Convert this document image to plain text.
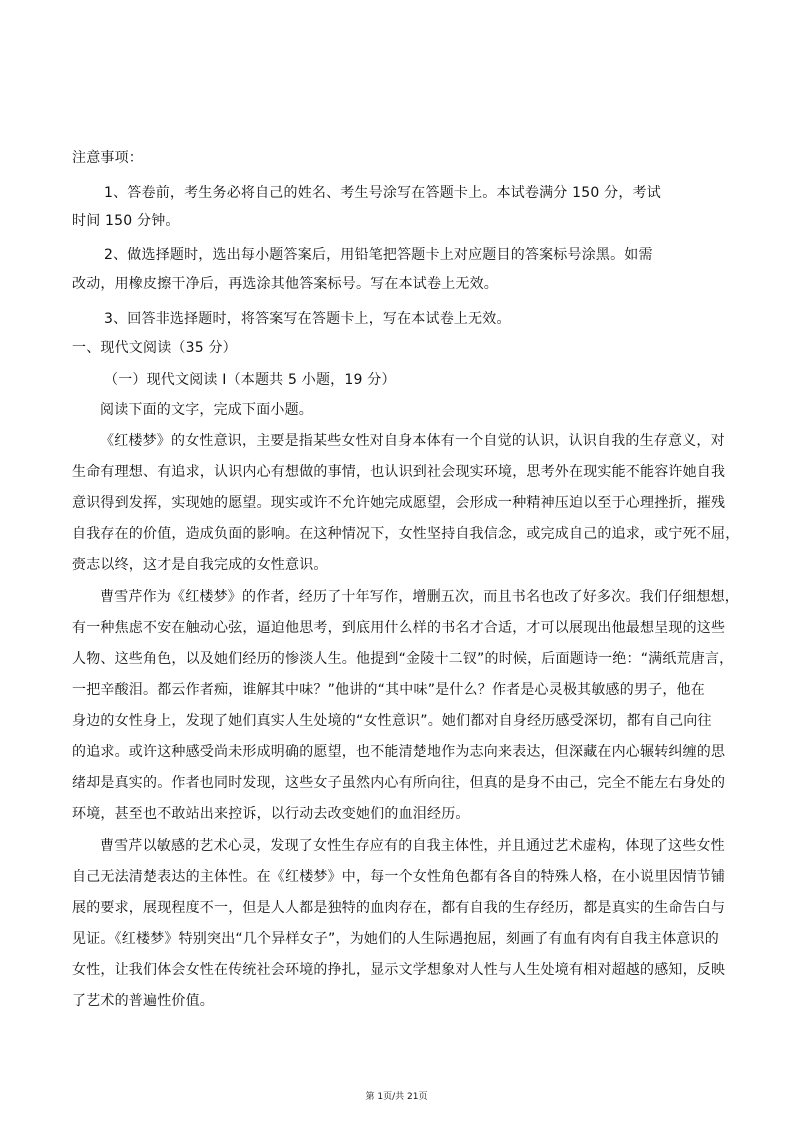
注意事项：

1、答卷前，考生务必将自己的姓名、考生号涂写在答题卡上。本试卷满分 150 分，考试

时间 150 分钟。

2、做选择题时，选出每小题答案后，用铅笔把答题卡上对应题目的答案标号涂黑。如需

改动，用橡皮擦干净后，再选涂其他答案标号。写在本试卷上无效。

3、回答非选择题时，将答案写在答题卡上，写在本试卷上无效。

一、现代文阅读（35 分）

（一）现代文阅读 I（本题共 5 小题，19 分）

阅读下面的文字，完成下面小题。

《红楼梦》的女性意识，主要是指某些女性对自身本体有一个自觉的认识，认识自我的生存意义，对

生命有理想、有追求，认识内心有想做的事情，也认识到社会现实环境，思考外在现实能不能容许她自我

意识得到发挥，实现她的愿望。现实或许不允许她完成愿望，会形成一种精神压迫以至于心理挫折，摧残

自我存在的价值，造成负面的影响。在这种情况下，女性坚持自我信念，或完成自己的追求，或宁死不屈，

赍志以终，这才是自我完成的女性意识。

曹雪芹作为《红楼梦》的作者，经历了十年写作，增删五次，而且书名也改了好多次。我们仔细想想，

有一种焦虑不安在触动心弦，逼迫他思考，到底用什么样的书名才合适，才可以展现出他最想呈现的这些

人物、这些角色，以及她们经历的惨淡人生。他提到“金陵十二钗”的时候，后面题诗一绝：“满纸荒唐言，

一把辛酸泪。都云作者痴，谁解其中味？”他讲的“其中味”是什么？作者是心灵极其敏感的男子，他在

身边的女性身上，发现了她们真实人生处境的“女性意识”。她们都对自身经历感受深切，都有自己向往

的追求。或许这种感受尚未形成明确的愿望，也不能清楚地作为志向来表达，但深藏在内心辗转纠缠的思

绪却是真实的。作者也同时发现，这些女子虽然内心有所向往，但真的是身不由己，完全不能左右身处的

环境，甚至也不敢站出来控诉，以行动去改变她们的血泪经历。

曹雪芹以敏感的艺术心灵，发现了女性生存应有的自我主体性，并且通过艺术虚构，体现了这些女性

自己无法清楚表达的主体性。在《红楼梦》中，每一个女性角色都有各自的特殊人格，在小说里因情节铺

展的要求，展现程度不一，但是人人都是独特的血肉存在，都有自我的生存经历，都是真实的生命告白与

见证。《红楼梦》特别突出“几个异样女子”，为她们的人生际遇抱屈，刻画了有血有肉有自我主体意识的

女性，让我们体会女性在传统社会环境的挣扎，显示文学想象对人性与人生处境有相对超越的感知，反映

了艺术的普遍性价值。

第 1页/共 21页
